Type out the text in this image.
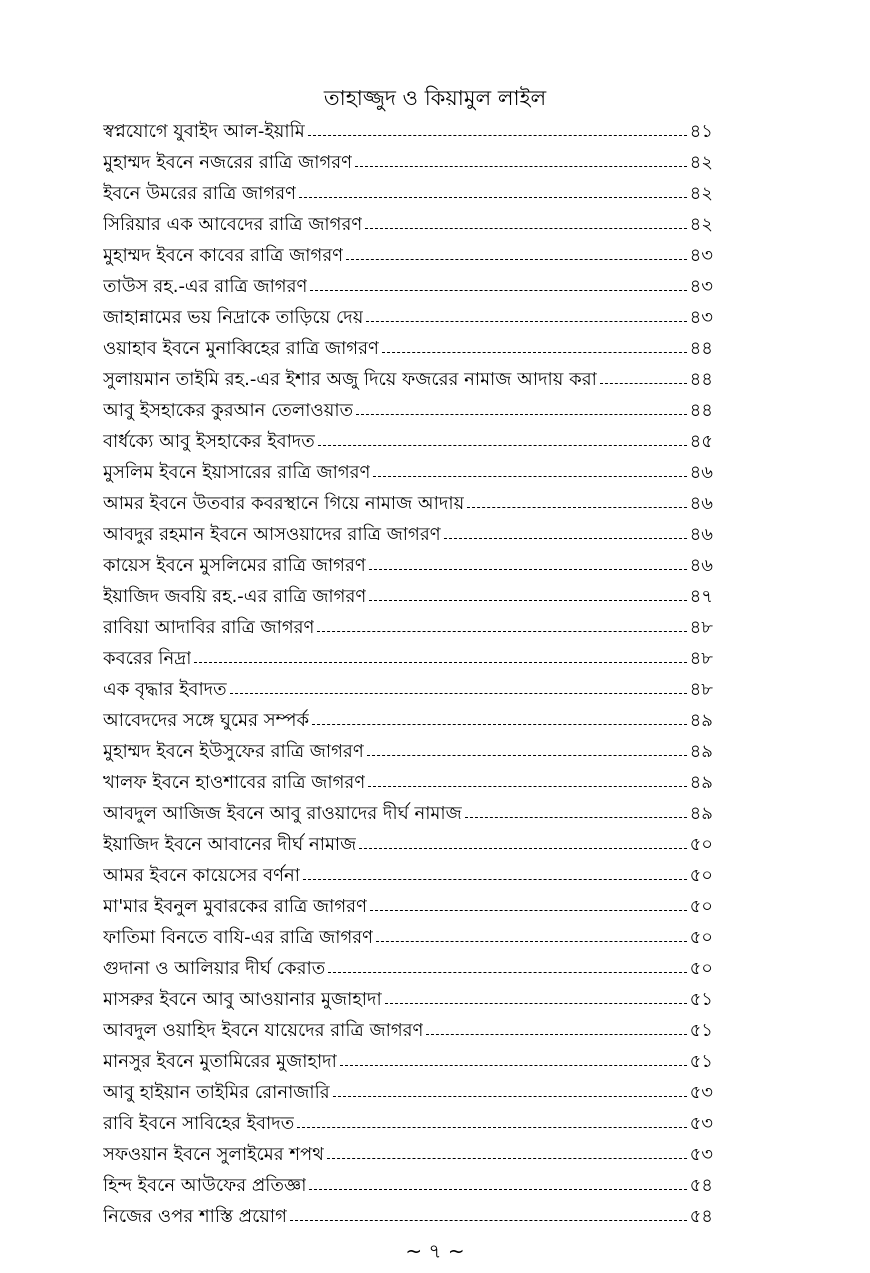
তাহাজ্জুদ ও কিয়ামুল লাইল
স্বপ্নযোগে যুবাইদ আল-ইয়ামি	৪১
মুহাম্মদ ইবনে নজরের রাত্রি জাগরণ	৪২
ইবনে উমরের রাত্রি জাগরণ	৪২
সিরিয়ার এক আবেদের রাত্রি জাগরণ	৪২
মুহাম্মদ ইবনে কাবের রাত্রি জাগরণ	৪৩
তাউস রহ.-এর রাত্রি জাগরণ	৪৩
জাহান্নামের ভয় নিদ্রাকে তাড়িয়ে দেয়	৪৩
ওয়াহাব ইবনে মুনাব্বিহের রাত্রি জাগরণ	৪৪
সুলায়মান তাইমি রহ.-এর ইশার অজু দিয়ে ফজরের নামাজ আদায় করা	৪৪
আবু ইসহাকের কুরআন তেলাওয়াত	৪৪
বার্ধক্যে আবু ইসহাকের ইবাদত	৪৫
মুসলিম ইবনে ইয়াসারের রাত্রি জাগরণ	৪৬
আমর ইবনে উতবার কবরস্থানে গিয়ে নামাজ আদায়	৪৬
আবদুর রহমান ইবনে আসওয়াদের রাত্রি জাগরণ	৪৬
কায়েস ইবনে মুসলিমের রাত্রি জাগরণ	৪৬
ইয়াজিদ জবয়ি রহ.-এর রাত্রি জাগরণ	৪৭
রাবিয়া আদাবির রাত্রি জাগরণ	৪৮
কবরের নিদ্রা	৪৮
এক বৃদ্ধার ইবাদত	৪৮
আবেদদের সঙ্গে ঘুমের সম্পর্ক	৪৯
মুহাম্মদ ইবনে ইউসুফের রাত্রি জাগরণ	৪৯
খালফ ইবনে হাওশাবের রাত্রি জাগরণ	৪৯
আবদুল আজিজ ইবনে আবু রাওয়াদের দীর্ঘ নামাজ	৪৯
ইয়াজিদ ইবনে আবানের দীর্ঘ নামাজ	৫০
আমর ইবনে কায়েসের বর্ণনা	৫০
মা'মার ইবনুল মুবারকের রাত্রি জাগরণ	৫০
ফাতিমা বিনতে বাযি-এর রাত্রি জাগরণ	৫০
গুদানা ও আলিয়ার দীর্ঘ কেরাত	৫০
মাসরুর ইবনে আবু আওয়ানার মুজাহাদা	৫১
আবদুল ওয়াহিদ ইবনে যায়েদের রাত্রি জাগরণ	৫১
মানসুর ইবনে মুতামিরের মুজাহাদা	৫১
আবু হাইয়ান তাইমির রোনাজারি	৫৩
রাবি ইবনে সাবিহের ইবাদত	৫৩
সফওয়ান ইবনে সুলাইমের শপথ	৫৩
হিন্দ ইবনে আউফের প্রতিজ্ঞা	৫৪
নিজের ওপর শাস্তি প্রয়োগ	৫৪
~ ৭ ~
